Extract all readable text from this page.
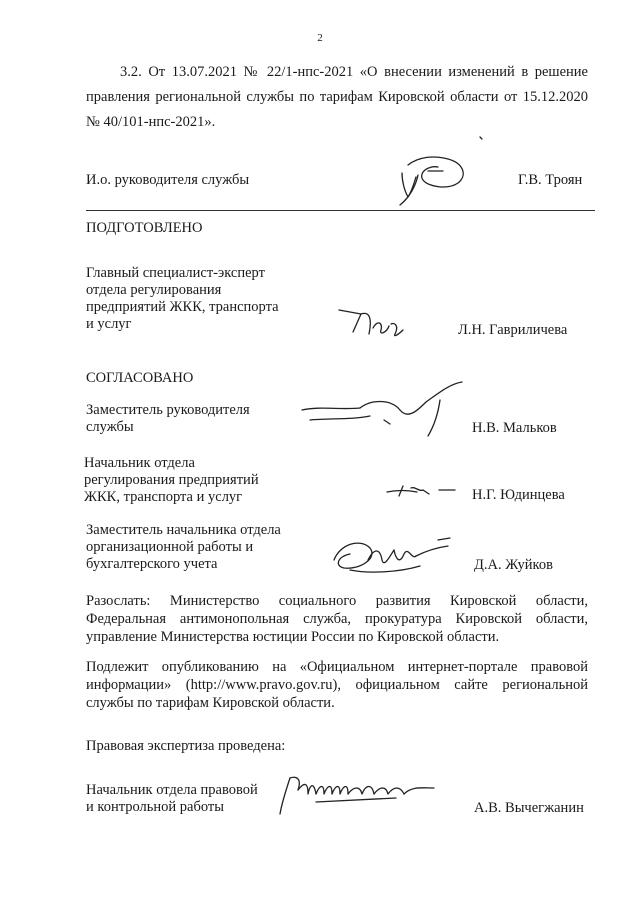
2
3.2. От 13.07.2021 № 22/1-нпс-2021 «О внесении изменений в решение правления региональной службы по тарифам Кировской области от 15.12.2020 № 40/101-нпс-2021».
И.о. руководителя службы	Г.В. Троян
ПОДГОТОВЛЕНО
Главный специалист-эксперт
отдела регулирования
предприятий ЖКК, транспорта
и услуг	Л.Н. Гавриличева
СОГЛАСОВАНО
Заместитель руководителя
службы	Н.В. Мальков
Начальник отдела
регулирования предприятий
ЖКК, транспорта и услуг	Н.Г. Юдинцева
Заместитель начальника отдела
организационной работы и
бухгалтерского учета	Д.А. Жуйков
Разослать: Министерство социального развития Кировской области, Федеральная антимонопольная служба, прокуратура Кировской области, управление Министерства юстиции России по Кировской области.
Подлежит опубликованию на «Официальном интернет-портале правовой информации» (http://www.pravo.gov.ru), официальном сайте региональной службы по тарифам Кировской области.
Правовая экспертиза проведена:
Начальник отдела правовой
и контрольной работы	А.В. Вычегжанин
